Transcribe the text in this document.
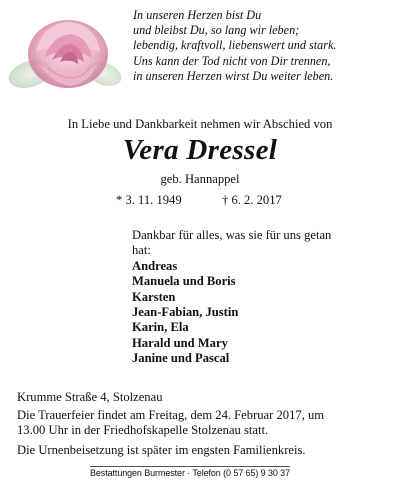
In unseren Herzen bist Du
und bleibst Du, so lang wir leben;
lebendig, kraftvoll, liebenswert und stark.
Uns kann der Tod nicht von Dir trennen,
in unseren Herzen wirst Du weiter leben.
In Liebe und Dankbarkeit nehmen wir Abschied von
Vera Dressel
geb. Hannappel
* 3. 11. 1949	† 6. 2. 2017
Dankbar für alles, was sie für uns getan
hat:
Andreas
Manuela und Boris
Karsten
Jean-Fabian, Justin
Karin, Ela
Harald und Mary
Janine und Pascal
Krumme Straße 4, Stolzenau
Die Trauerfeier findet am Freitag, dem 24. Februar 2017, um
13.00 Uhr in der Friedhofskapelle Stolzenau statt.
Die Urnenbeisetzung ist später im engsten Familienkreis.
Bestattungen Burmester · Telefon (0 57 65) 9 30 37
